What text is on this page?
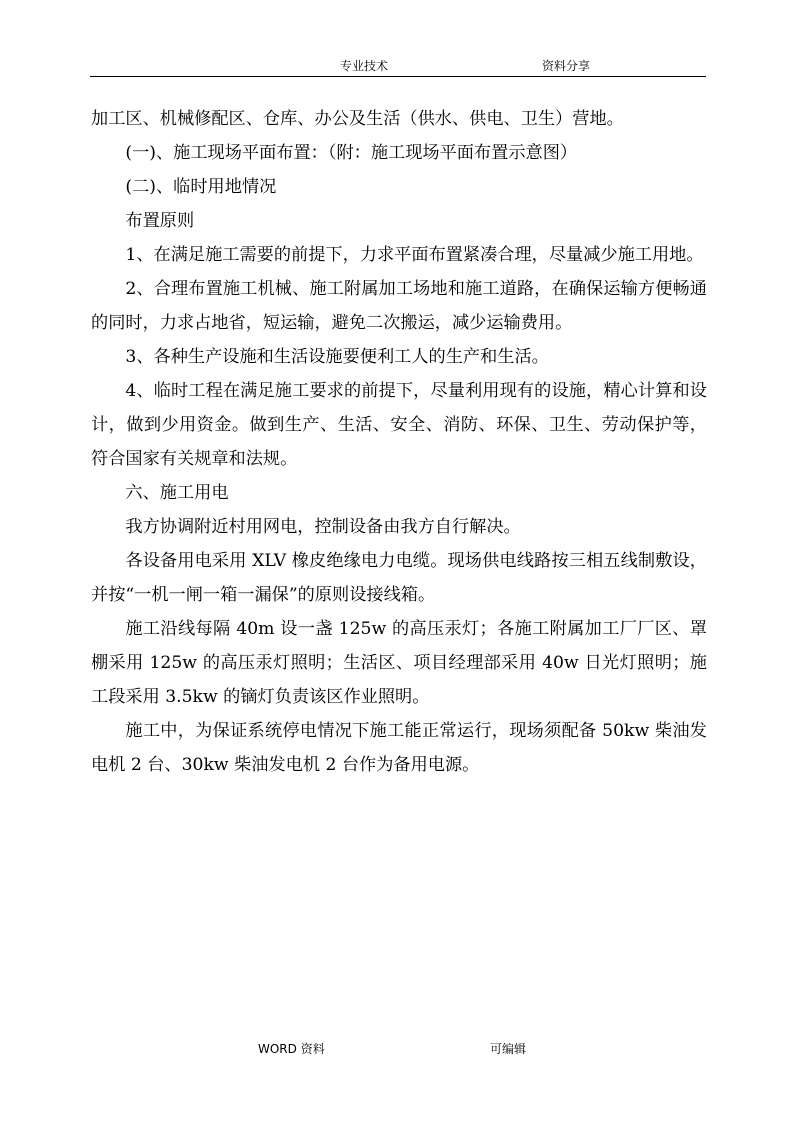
专业技术	资料分享

加工区、机械修配区、仓库、办公及生活（供水、供电、卫生）营地。

(一)、施工现场平面布置：（附：施工现场平面布置示意图）

(二)、临时用地情况

布置原则

1、在满足施工需要的前提下，力求平面布置紧凑合理，尽量减少施工用地。

2、合理布置施工机械、施工附属加工场地和施工道路，在确保运输方便畅通的同时，力求占地省，短运输，避免二次搬运，减少运输费用。

3、各种生产设施和生活设施要便利工人的生产和生活。

4、临时工程在满足施工要求的前提下，尽量利用现有的设施，精心计算和设计，做到少用资金。做到生产、生活、安全、消防、环保、卫生、劳动保护等，符合国家有关规章和法规。

六、施工用电

我方协调附近村用网电，控制设备由我方自行解决。

各设备用电采用 XLV 橡皮绝缘电力电缆。现场供电线路按三相五线制敷设，并按“一机一闸一箱一漏保”的原则设接线箱。

施工沿线每隔 40m 设一盏 125w 的高压汞灯；各施工附属加工厂厂区、罩棚采用 125w 的高压汞灯照明；生活区、项目经理部采用 40w 日光灯照明；施工段采用 3.5kw 的镝灯负责该区作业照明。

施工中，为保证系统停电情况下施工能正常运行，现场须配备 50kw 柴油发电机 2 台、30kw 柴油发电机 2 台作为备用电源。

WORD 资料	可编辑
